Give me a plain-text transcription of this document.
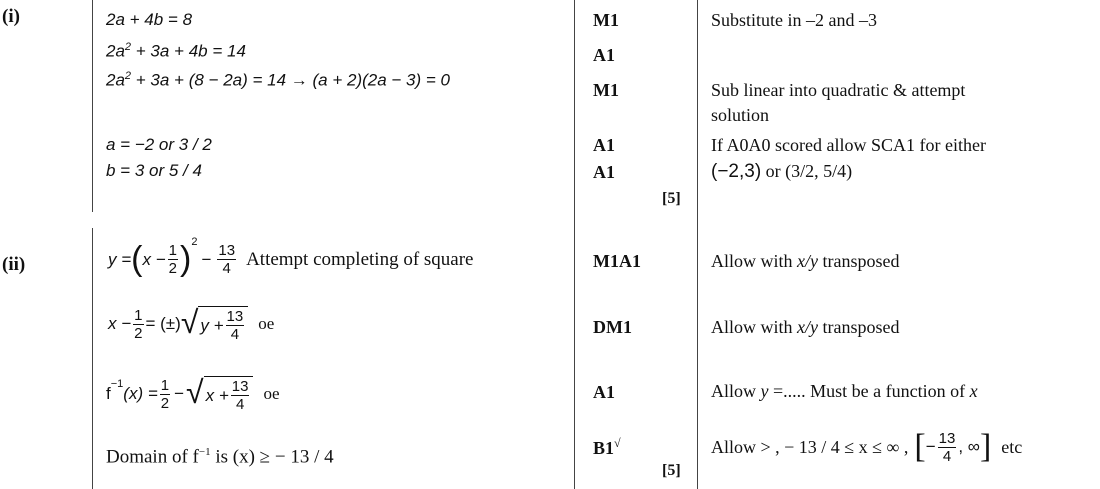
(i)	2a + 4b = 8
$2a^2 + 3a + 4b = 14$
$2a^2 + 3a + (8 - 2a) = 14 \to (a + 2)(2a - 3) = 0$
a = −2 or 3 / 2
b = 3 or 5 / 4
M1
A1
M1
A1
A1
[5]
Substitute in –2 and –3
Sub linear into quadratic & attempt
solution
If A0A0 scored allow SCA1 for either
(−2,3) or (3/2, 5/4)
(ii)	y = ( $x - \frac{1}{2} )^2$
− $\frac{13}{4}$ Attempt completing of square
$x - \frac{1}{2}$ = (±) √ $y + \frac{13}{4}$ oe
$f^{-1}$ $(x) = \frac{1}{2}$ − √ $x + \frac{13}{4}$ oe
Domain of $f^{-1}$ is (x) ≥ − 13 / 4
M1A1
DM1
A1
B1√
[5]
Allow with x/y transposed
Allow with x/y transposed
Allow y =..... Must be a function of x
Allow > , − 13 / 4 ≤ x ≤ ∞ , [ − $\frac{13}{4}$ , ∞ ] etc
